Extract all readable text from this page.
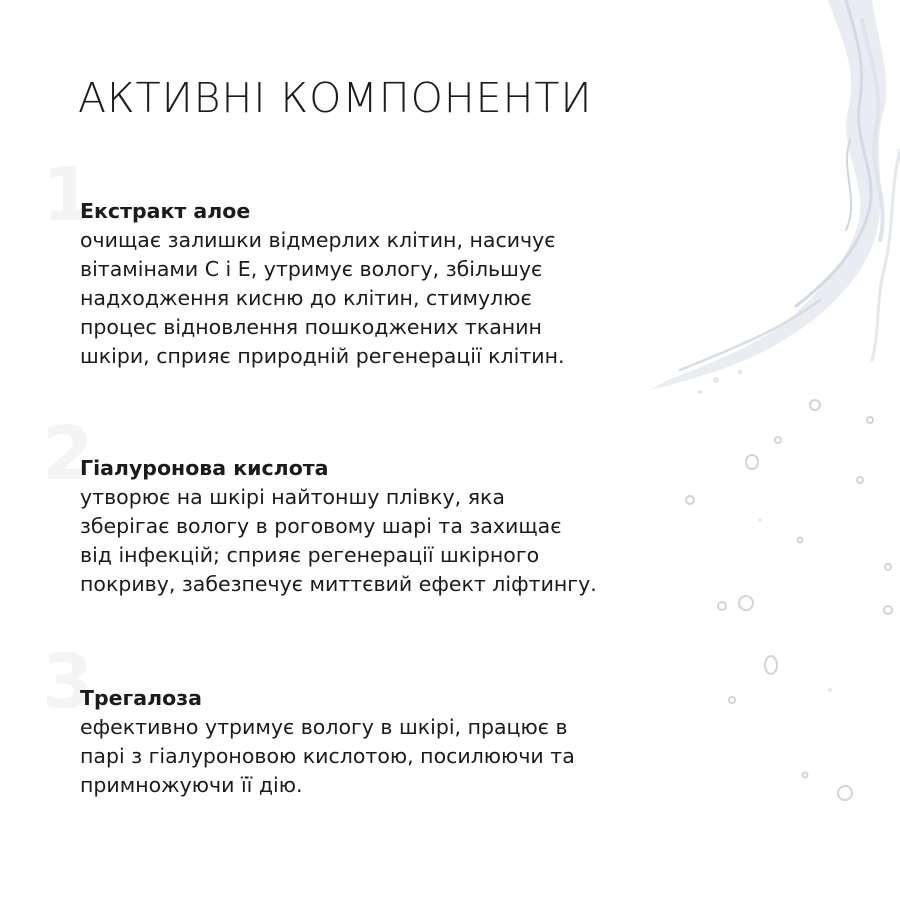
АКТИВНІ КОМПОНЕНТИ
1
Екстракт алое

очищає залишки відмерлих клітин, насичує
вітамінами С і Е, утримує вологу, збільшує
надходження кисню до клітин, стимулює
процес відновлення пошкоджених тканин
шкіри, сприяє природній регенерації клітин.

2
Гіалуронова кислота

утворює на шкірі найтоншу плівку, яка
зберігає вологу в роговому шарі та захищає
від інфекцій; сприяє регенерації шкірного
покриву, забезпечує миттєвий ефект ліфтингу.

3
Трегалоза

ефективно утримує вологу в шкірі, працює в
парі з гіалуроновою кислотою, посилюючи та
примножуючи її дію.
